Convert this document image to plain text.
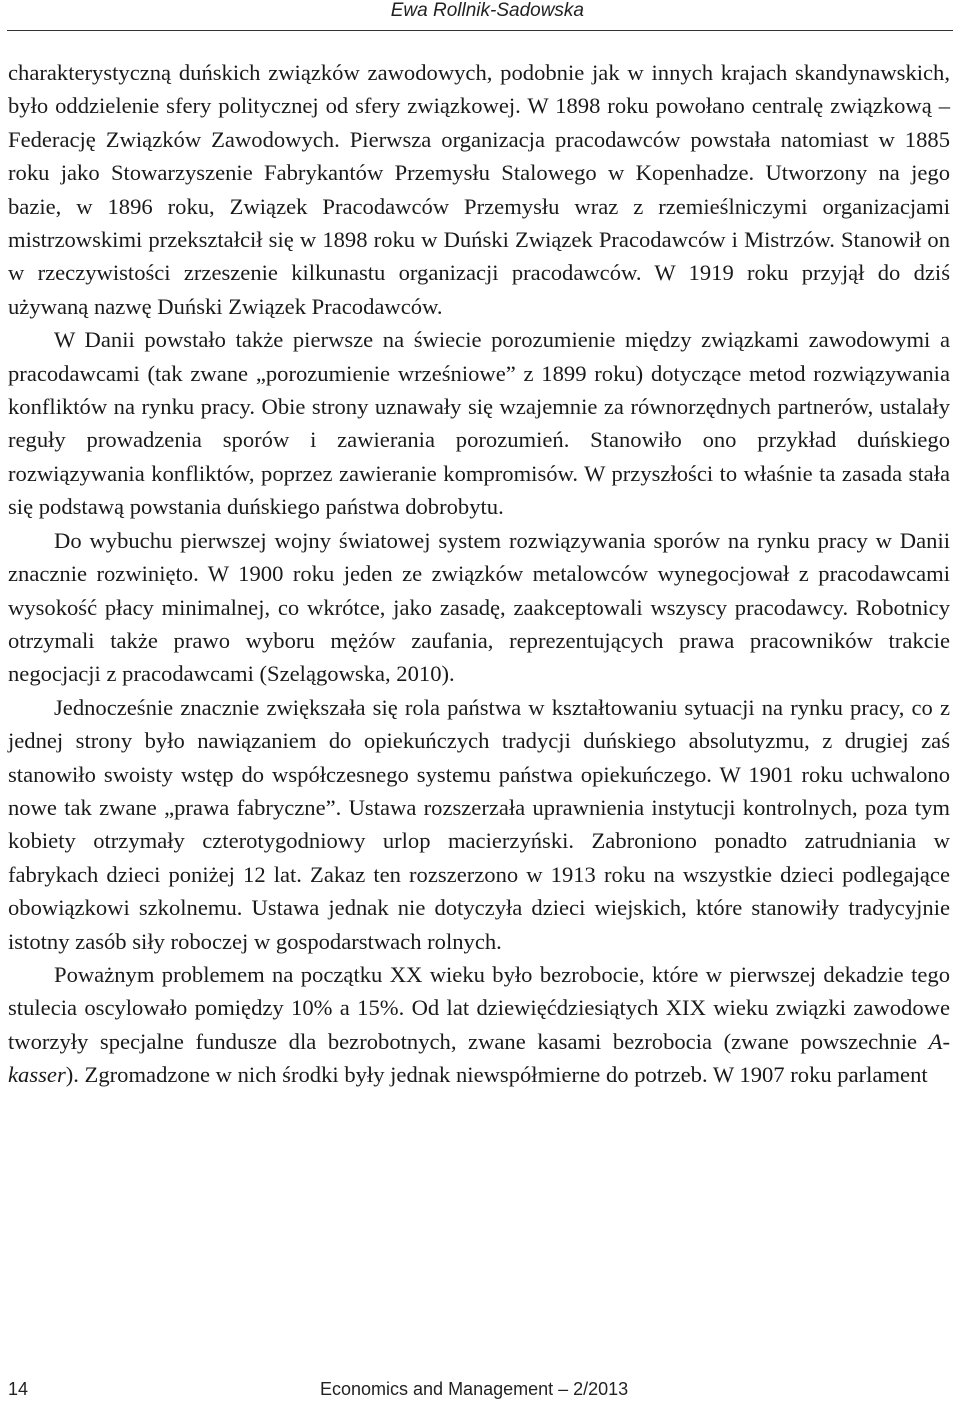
Ewa Rollnik-Sadowska

charakterystyczną duńskich związków zawodowych, podobnie jak w innych krajach skandynawskich, było oddzielenie sfery politycznej od sfery związkowej. W 1898 roku powołano centralę związkową – Federację Związków Zawodowych. Pierwsza organizacja pracodawców powstała natomiast w 1885 roku jako Stowarzyszenie Fabrykantów Przemysłu Stalowego w Kopenhadze. Utworzony na jego bazie, w 1896 roku, Związek Pracodawców Przemysłu wraz z rzemieślniczymi organizacjami mistrzowskimi przekształcił się w 1898 roku w Duński Związek Pracodawców i Mistrzów. Stanowił on w rzeczywistości zrzeszenie kilkunastu organizacji pracodawców. W 1919 roku przyjął do dziś używaną nazwę Duński Związek Pracodawców.

W Danii powstało także pierwsze na świecie porozumienie między związkami zawodowymi a pracodawcami (tak zwane „porozumienie wrześniowe” z 1899 roku) dotyczące metod rozwiązywania konfliktów na rynku pracy. Obie strony uznawały się wzajemnie za równorzędnych partnerów, ustalały reguły prowadzenia sporów i zawierania porozumień. Stanowiło ono przykład duńskiego rozwiązywania konfliktów, poprzez zawieranie kompromisów. W przyszłości to właśnie ta zasada stała się podstawą powstania duńskiego państwa dobrobytu.

Do wybuchu pierwszej wojny światowej system rozwiązywania sporów na rynku pracy w Danii znacznie rozwinięto. W 1900 roku jeden ze związków metalowców wynegocjował z pracodawcami wysokość płacy minimalnej, co wkrótce, jako zasadę, zaakceptowali wszyscy pracodawcy. Robotnicy otrzymali także prawo wyboru mężów zaufania, reprezentujących prawa pracowników trakcie negocjacji z pracodawcami (Szelągowska, 2010).

Jednocześnie znacznie zwiększała się rola państwa w kształtowaniu sytuacji na rynku pracy, co z jednej strony było nawiązaniem do opiekuńczych tradycji duńskiego absolutyzmu, z drugiej zaś stanowiło swoisty wstęp do współczesnego systemu państwa opiekuńczego. W 1901 roku uchwalono nowe tak zwane „prawa fabryczne”. Ustawa rozszerzała uprawnienia instytucji kontrolnych, poza tym kobiety otrzymały czterotygodniowy urlop macierzyński. Zabroniono ponadto zatrudniania w fabrykach dzieci poniżej 12 lat. Zakaz ten rozszerzono w 1913 roku na wszystkie dzieci podlegające obowiązkowi szkolnemu. Ustawa jednak nie dotyczyła dzieci wiejskich, które stanowiły tradycyjnie istotny zasób siły roboczej w gospodarstwach rolnych.

Poważnym problemem na początku XX wieku było bezrobocie, które w pierwszej dekadzie tego stulecia oscylowało pomiędzy 10% a 15%. Od lat dziewięćdziesiątych XIX wieku związki zawodowe tworzyły specjalne fundusze dla bezrobotnych, zwane kasami bezrobocia (zwane powszechnie A-kasser). Zgromadzone w nich środki były jednak niewspółmierne do potrzeb. W 1907 roku parlament

14	Economics and Management – 2/2013
